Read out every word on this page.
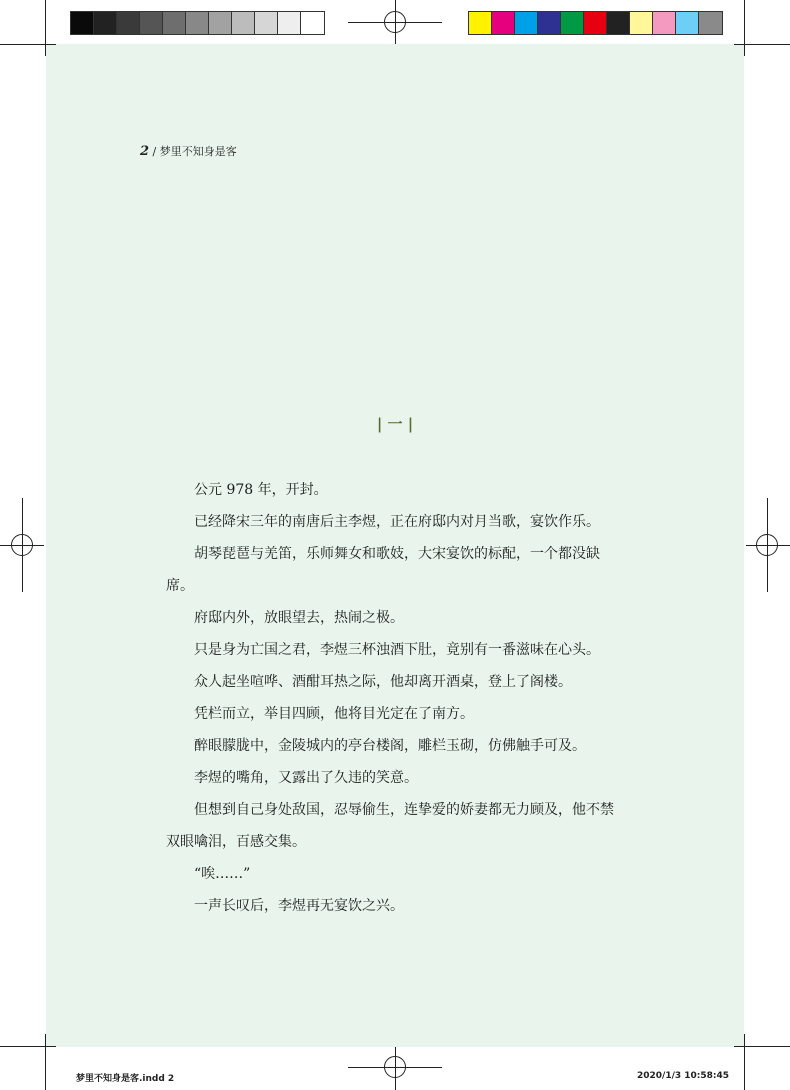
2 / 梦里不知身是客
| 一 |

公元 978 年，开封。

已经降宋三年的南唐后主李煜，正在府邸内对月当歌，宴饮作乐。

胡琴琵琶与羌笛，乐师舞女和歌妓，大宋宴饮的标配，一个都没缺席。

府邸内外，放眼望去，热闹之极。

只是身为亡国之君，李煜三杯浊酒下肚，竟别有一番滋味在心头。

众人起坐喧哗、酒酣耳热之际，他却离开酒桌，登上了阁楼。

凭栏而立，举目四顾，他将目光定在了南方。

醉眼朦胧中，金陵城内的亭台楼阁，雕栏玉砌，仿佛触手可及。

李煜的嘴角，又露出了久违的笑意。

但想到自己身处敌国，忍辱偷生，连挚爱的娇妻都无力顾及，他不禁双眼噙泪，百感交集。

“唉……”

一声长叹后，李煜再无宴饮之兴。

梦里不知身是客.indd 2	2020/1/3 10:58:45
